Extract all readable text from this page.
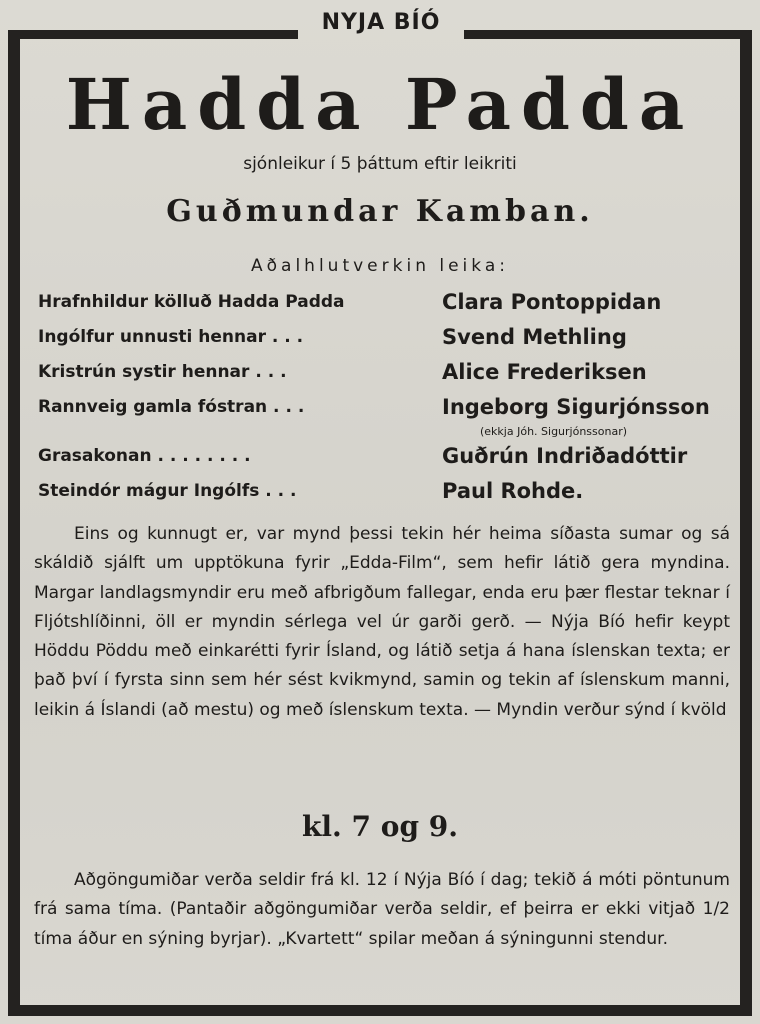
NYJA BÍÓ
Hadda Padda
sjónleikur í 5 þáttum eftir leikriti
Guðmundar Kamban.
Aðalhlutverkin leika:
Hrafnhildur kölluð Hadda Padda	Clara Pontoppidan
Ingólfur unnusti hennar . . .	Svend Methling
Kristrún systir hennar . . .	Alice Frederiksen
Rannveig gamla fóstran . . .	Ingeborg Sigurjónsson
(ekkja Jóh. Sigurjónssonar)
Grasakonan . . . . . . . .	Guðrún Indriðadóttir
Steindór mágur Ingólfs . . .	Paul Rohde.
Eins og kunnugt er, var mynd þessi tekin hér heima síðasta sumar og sá skáldið sjálft um upptökuna fyrir „Edda-Film“, sem hefir látið gera myndina. Margar landlagsmyndir eru með afbrigðum fallegar, enda eru þær flestar teknar í Fljótshlíðinni, öll er myndin sérlega vel úr garði gerð. — Nýja Bíó hefir keypt Höddu Pöddu með einkarétti fyrir Ísland, og látið setja á hana íslenskan texta; er það því í fyrsta sinn sem hér sést kvikmynd, samin og tekin af íslenskum manni, leikin á Íslandi (að mestu) og með íslenskum texta. — Myndin verður sýnd í kvöld
kl. 7 og 9.
Aðgöngumiðar verða seldir frá kl. 12 í Nýja Bíó í dag; tekið á móti pöntunum frá sama tíma. (Pantaðir aðgöngumiðar verða seldir, ef þeirra er ekki vitjað 1/2 tíma áður en sýning byrjar). „Kvartett“ spilar meðan á sýningunni stendur.
